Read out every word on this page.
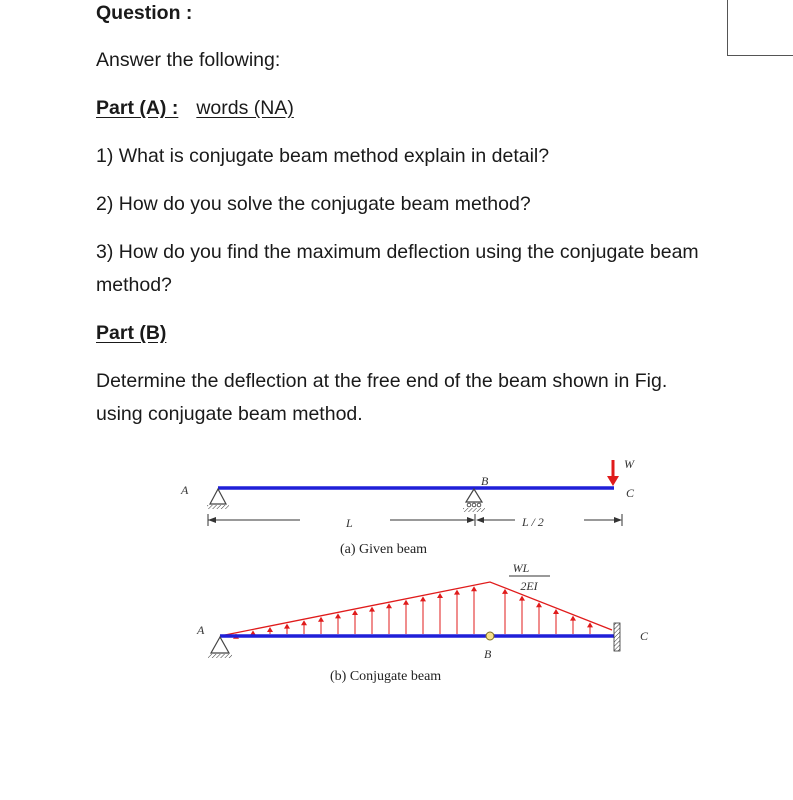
Question :
Answer the following:
Part (A) : words (NA)
1) What is conjugate beam method explain in detail?
2) How do you solve the conjugate beam method?
3) How do you find the maximum deflection using the conjugate beam
method?
Part (B)
Determine the deflection at the free end of the beam shown in Fig.
using conjugate beam method.
A
B
C
W
L	L / 2
(a) Given beam
WL
2EI
A
B
C
(b) Conjugate beam
